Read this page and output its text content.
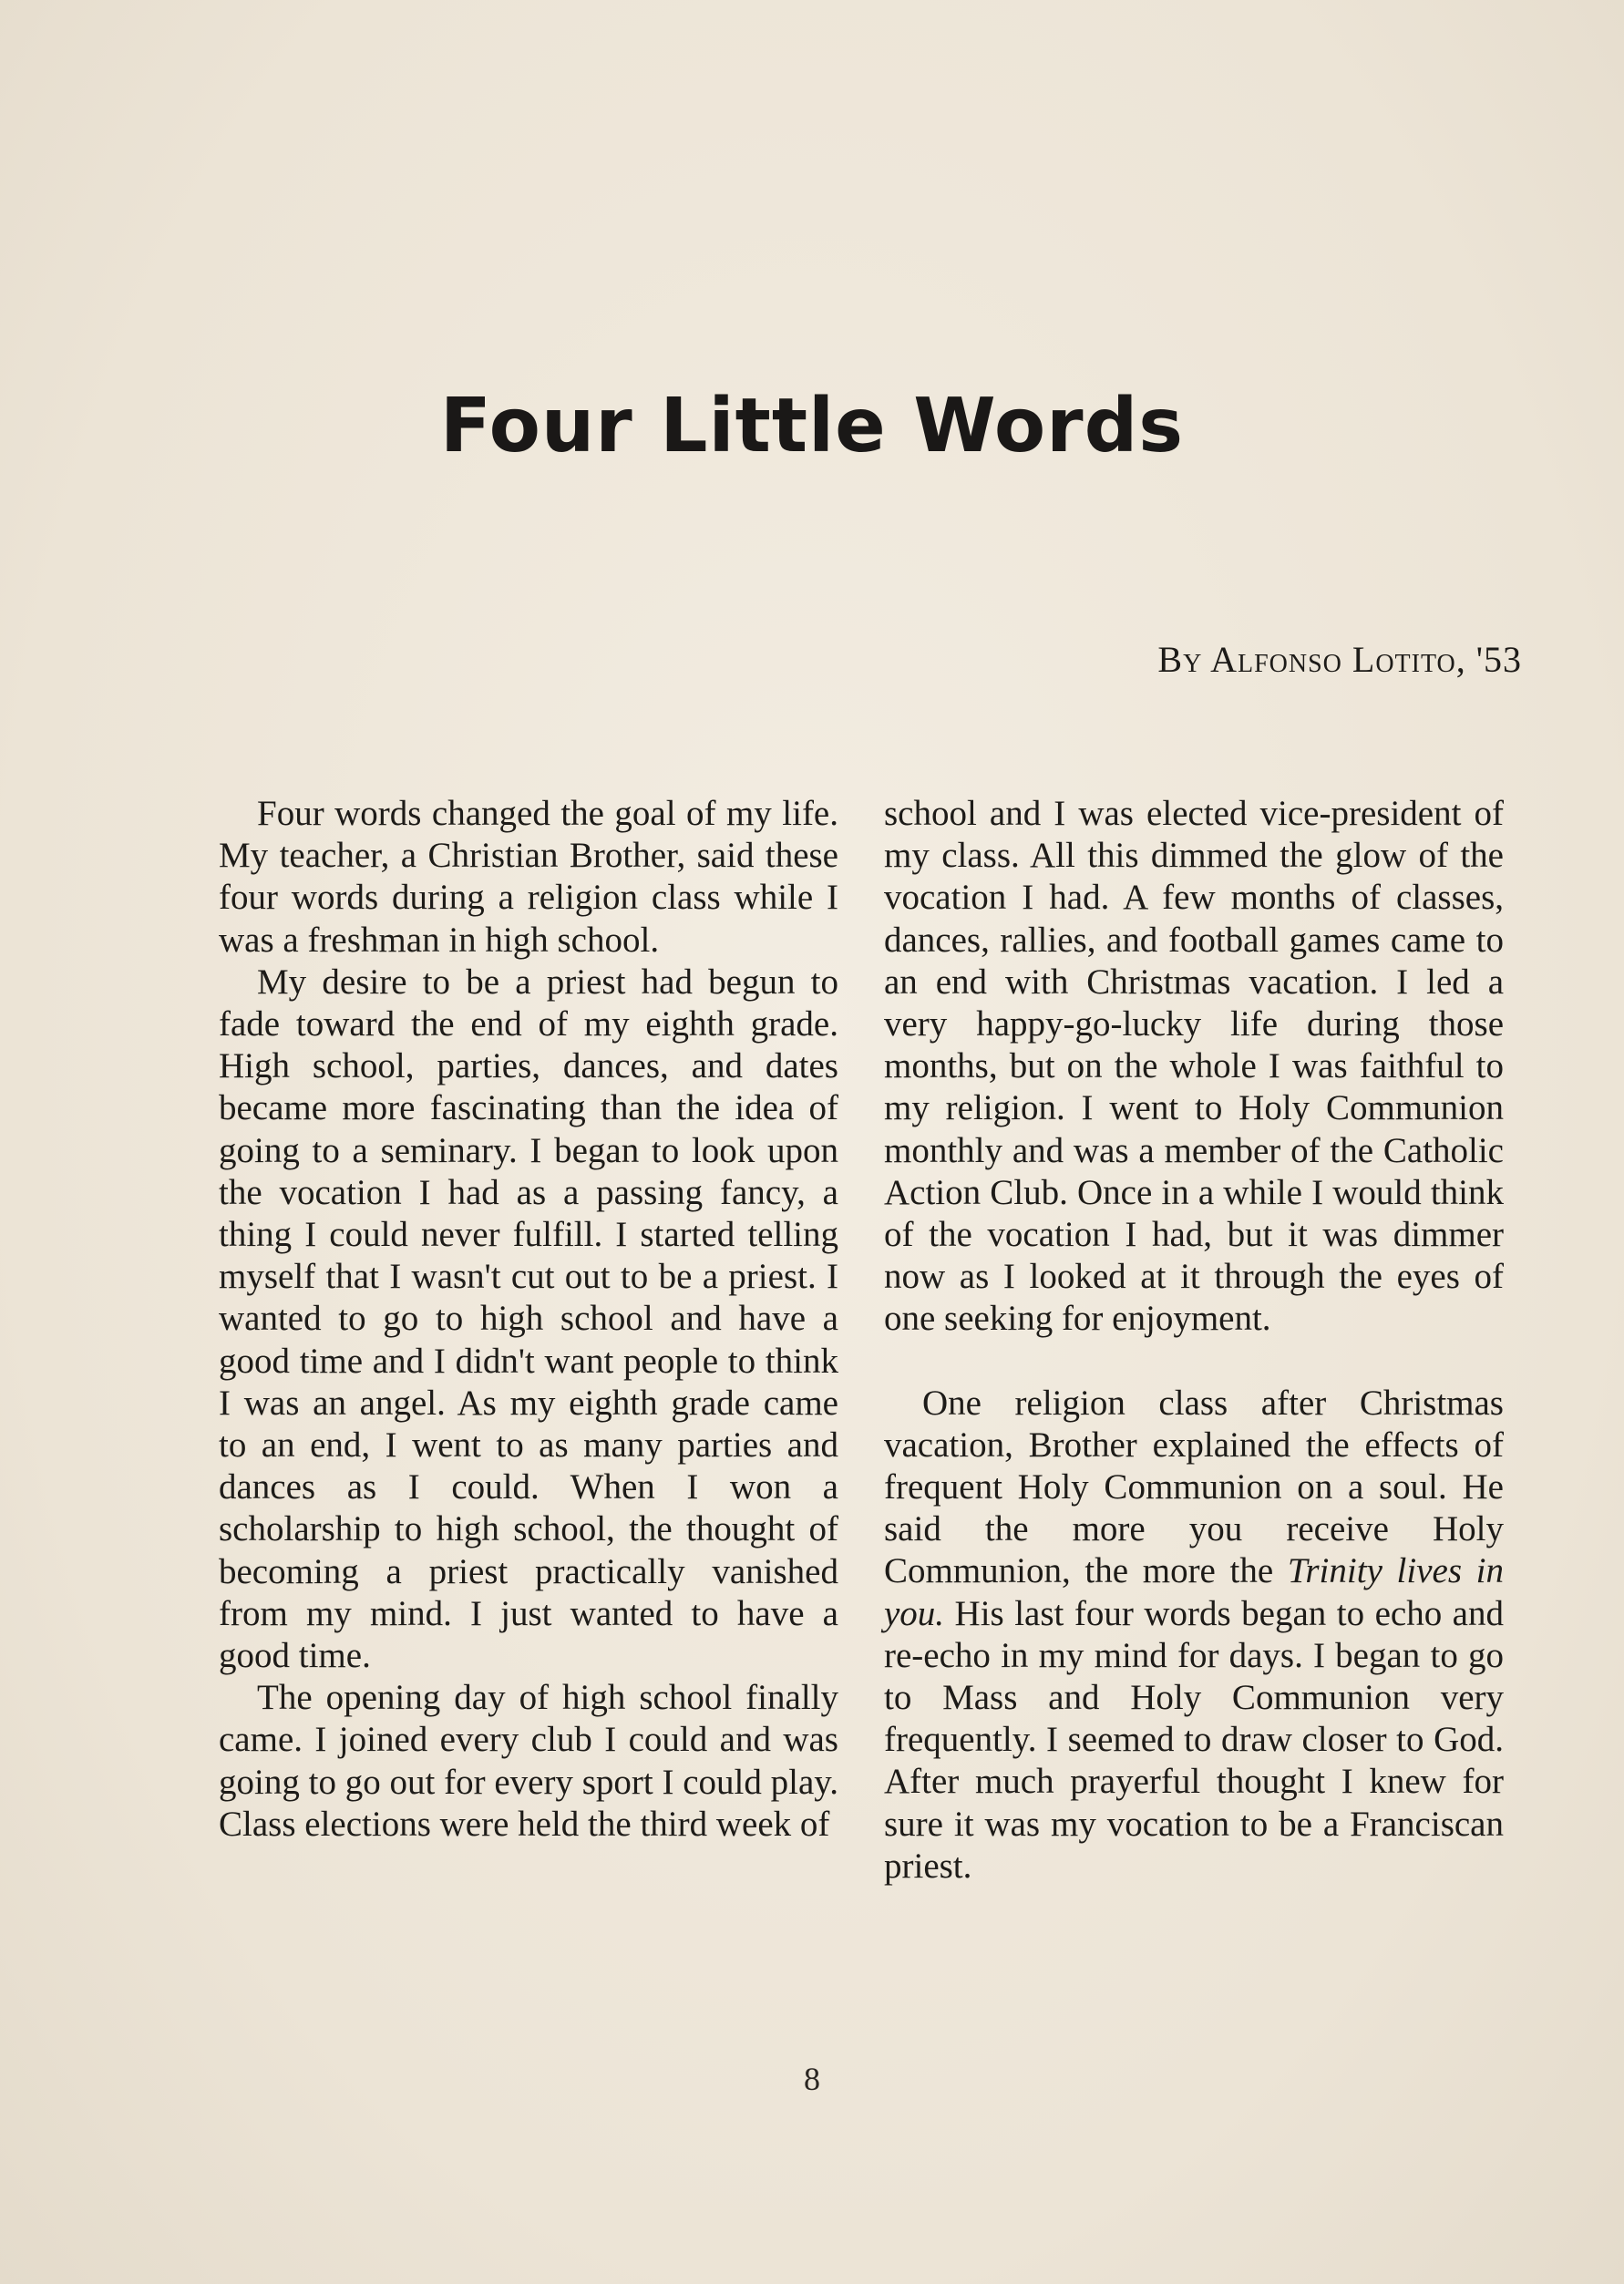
Four Little Words
By Alfonso Lotito, '53

Four words changed the goal of my life. My teacher, a Christian Brother, said these four words during a religion class while I was a freshman in high school.

My desire to be a priest had begun to fade toward the end of my eighth grade. High school, parties, dances, and dates became more fascinating than the idea of going to a seminary. I began to look upon the vocation I had as a passing fancy, a thing I could never fulfill. I started telling myself that I wasn't cut out to be a priest. I wanted to go to high school and have a good time and I didn't want people to think I was an angel. As my eighth grade came to an end, I went to as many parties and dances as I could. When I won a scholarship to high school, the thought of becoming a priest practically vanished from my mind. I just wanted to have a good time.

The opening day of high school finally came. I joined every club I could and was going to go out for every sport I could play. Class elections were held the third week of

school and I was elected vice-president of my class. All this dimmed the glow of the vocation I had. A few months of classes, dances, rallies, and football games came to an end with Christmas vacation. I led a very happy-go-lucky life during those months, but on the whole I was faithful to my religion. I went to Holy Communion monthly and was a member of the Catholic Action Club. Once in a while I would think of the vocation I had, but it was dimmer now as I looked at it through the eyes of one seeking for enjoyment.

One religion class after Christmas vacation, Brother explained the effects of frequent Holy Communion on a soul. He said the more you receive Holy Communion, the more the Trinity lives in you. His last four words began to echo and re-echo in my mind for days. I began to go to Mass and Holy Communion very frequently. I seemed to draw closer to God. After much prayerful thought I knew for sure it was my vocation to be a Franciscan priest.

8
